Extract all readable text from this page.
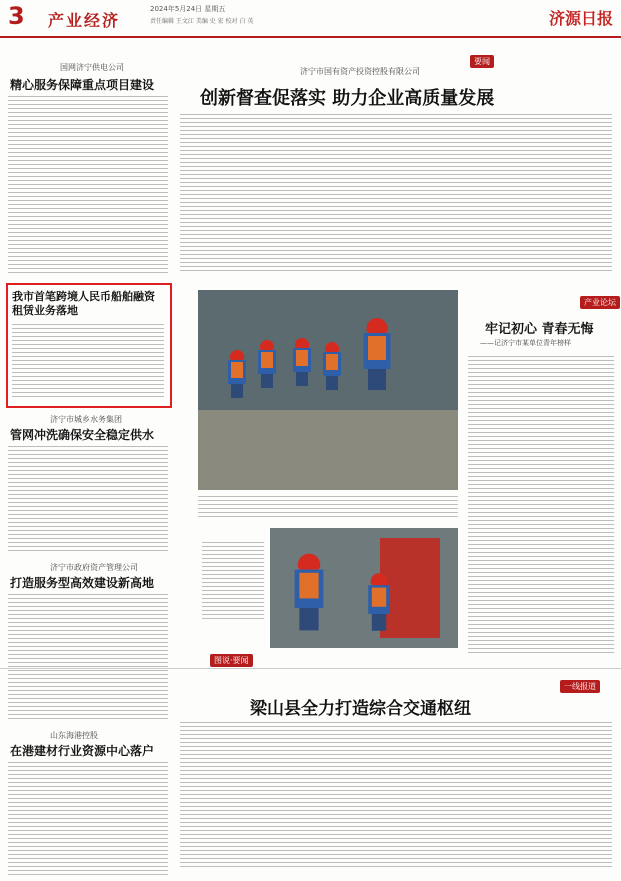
3 产业经济
2024年5月24日 星期五
责任编辑 王文江 美编 史 宏 校对 白 英	济源日报
要闻
济宁市国有资产投资控股有限公司
创新督查促落实 助力企业高质量发展
国网济宁供电公司
精心服务保障重点项目建设
我市首笔跨境人民币船舶融资租赁业务落地
济宁市城乡水务集团
管网冲洗确保安全稳定供水
济宁市政府资产管理公司
打造服务型高效建设新高地
山东海港控股
在港建材行业资源中心落户
图说·要闻
产业论坛
牢记初心 青春无悔
——记济宁市某单位青年榜样
一线报道
梁山县全力打造综合交通枢纽
